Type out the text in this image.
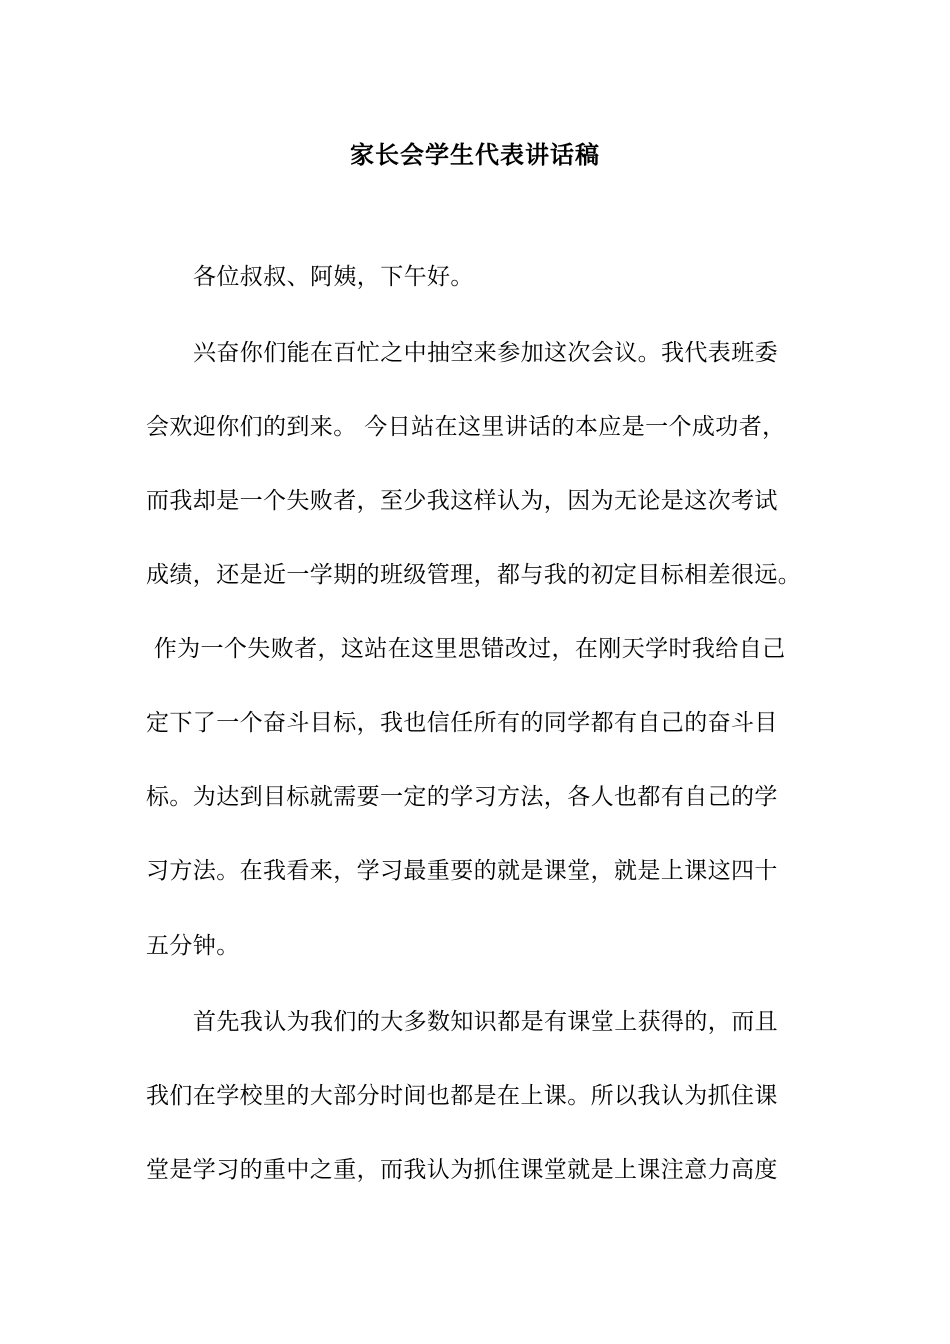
家长会学生代表讲话稿
各位叔叔、阿姨，下午好。
兴奋你们能在百忙之中抽空来参加这次会议。我代表班委
会欢迎你们的到来。 今日站在这里讲话的本应是一个成功者，
而我却是一个失败者，至少我这样认为，因为无论是这次考试
成绩，还是近一学期的班级管理，都与我的初定目标相差很远。
作为一个失败者，这站在这里思错改过，在刚天学时我给自己
定下了一个奋斗目标，我也信任所有的同学都有自己的奋斗目
标。为达到目标就需要一定的学习方法，各人也都有自己的学
习方法。在我看来，学习最重要的就是课堂，就是上课这四十
五分钟。
首先我认为我们的大多数知识都是有课堂上获得的，而且
我们在学校里的大部分时间也都是在上课。所以我认为抓住课
堂是学习的重中之重，而我认为抓住课堂就是上课注意力高度
